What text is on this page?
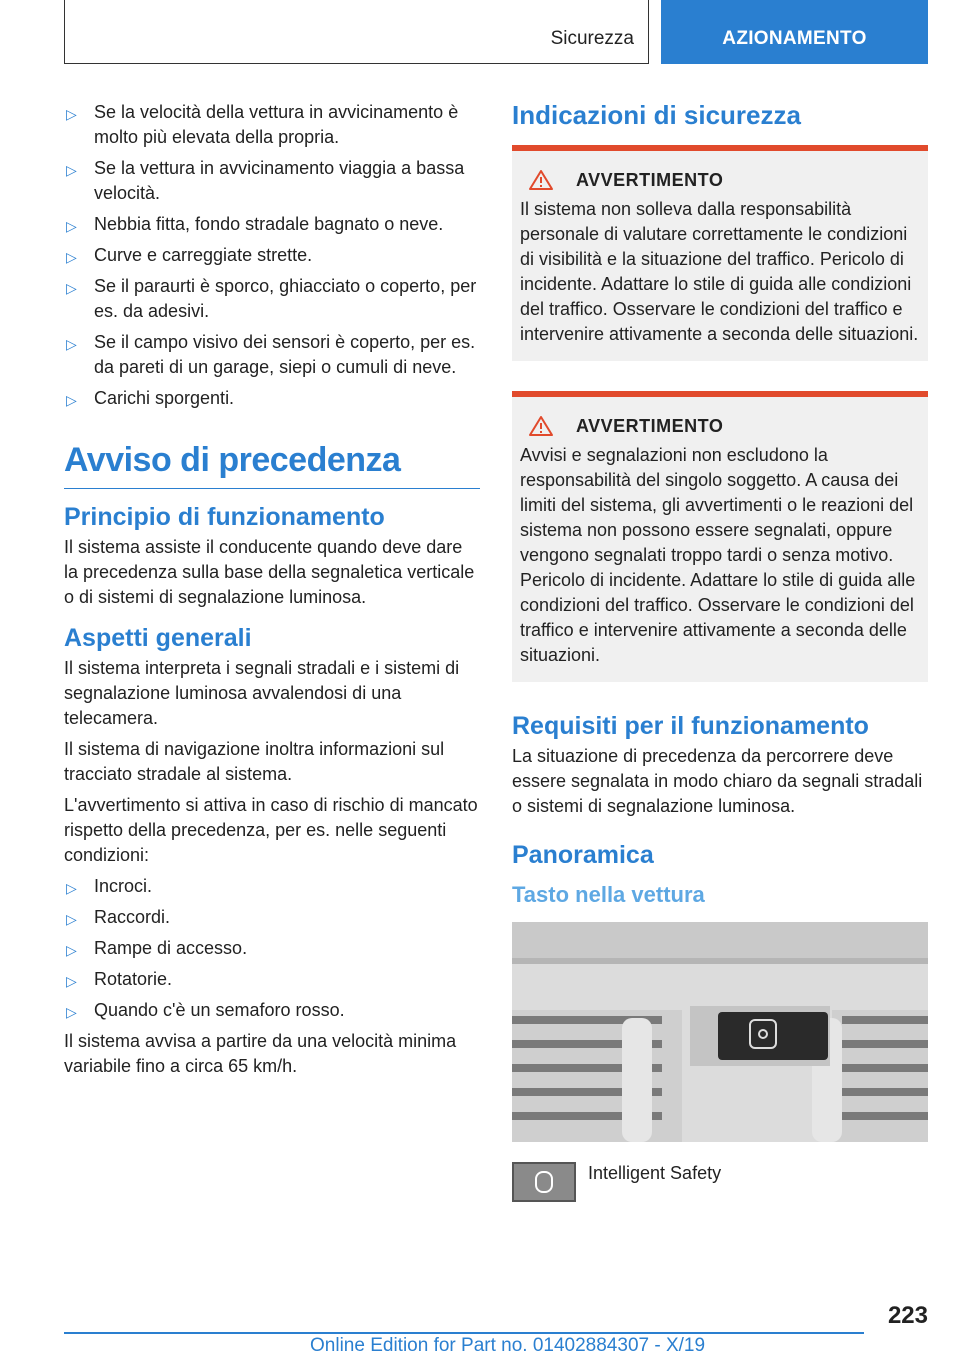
Sicurezza	AZIONAMENTO
▷ Se la velocità della vettura in avvicinamento è molto più elevata della propria.
▷ Se la vettura in avvicinamento viaggia a bassa velocità.
▷ Nebbia fitta, fondo stradale bagnato o neve.
▷ Curve e carreggiate strette.
▷ Se il paraurti è sporco, ghiacciato o coperto, per es. da adesivi.
▷ Se il campo visivo dei sensori è coperto, per es. da pareti di un garage, siepi o cumuli di neve.
▷ Carichi sporgenti.
Avviso di precedenza
Principio di funzionamento

Il sistema assiste il conducente quando deve dare la precedenza sulla base della segnaletica verticale o di sistemi di segnalazione luminosa.

Aspetti generali

Il sistema interpreta i segnali stradali e i sistemi di segnalazione luminosa avvalendosi di una telecamera.

Il sistema di navigazione inoltra informazioni sul tracciato stradale al sistema.

L'avvertimento si attiva in caso di rischio di mancato rispetto della precedenza, per es. nelle seguenti condizioni:

▷ Incroci.
▷ Raccordi.
▷ Rampe di accesso.
▷ Rotatorie.
▷ Quando c'è un semaforo rosso.

Il sistema avvisa a partire da una velocità minima variabile fino a circa 65 km/h.

Indicazioni di sicurezza
AVVERTIMENTO

Il sistema non solleva dalla responsabilità personale di valutare correttamente le condizioni di visibilità e la situazione del traffico. Pericolo di incidente. Adattare lo stile di guida alle condizioni del traffico. Osservare le condizioni del traffico e intervenire attivamente a seconda delle situazioni.

AVVERTIMENTO

Avvisi e segnalazioni non escludono la responsabilità del singolo soggetto. A causa dei limiti del sistema, gli avvertimenti o le reazioni del sistema non possono essere segnalati, oppure vengono segnalati troppo tardi o senza motivo. Pericolo di incidente. Adattare lo stile di guida alle condizioni del traffico. Osservare le condizioni del traffico e intervenire attivamente a seconda delle situazioni.

Requisiti per il funzionamento

La situazione di precedenza da percorrere deve essere segnalata in modo chiaro da segnali stradali o sistemi di segnalazione luminosa.

Panoramica
Tasto nella vettura
Intelligent Safety
223
Online Edition for Part no. 01402884307 - X/19
